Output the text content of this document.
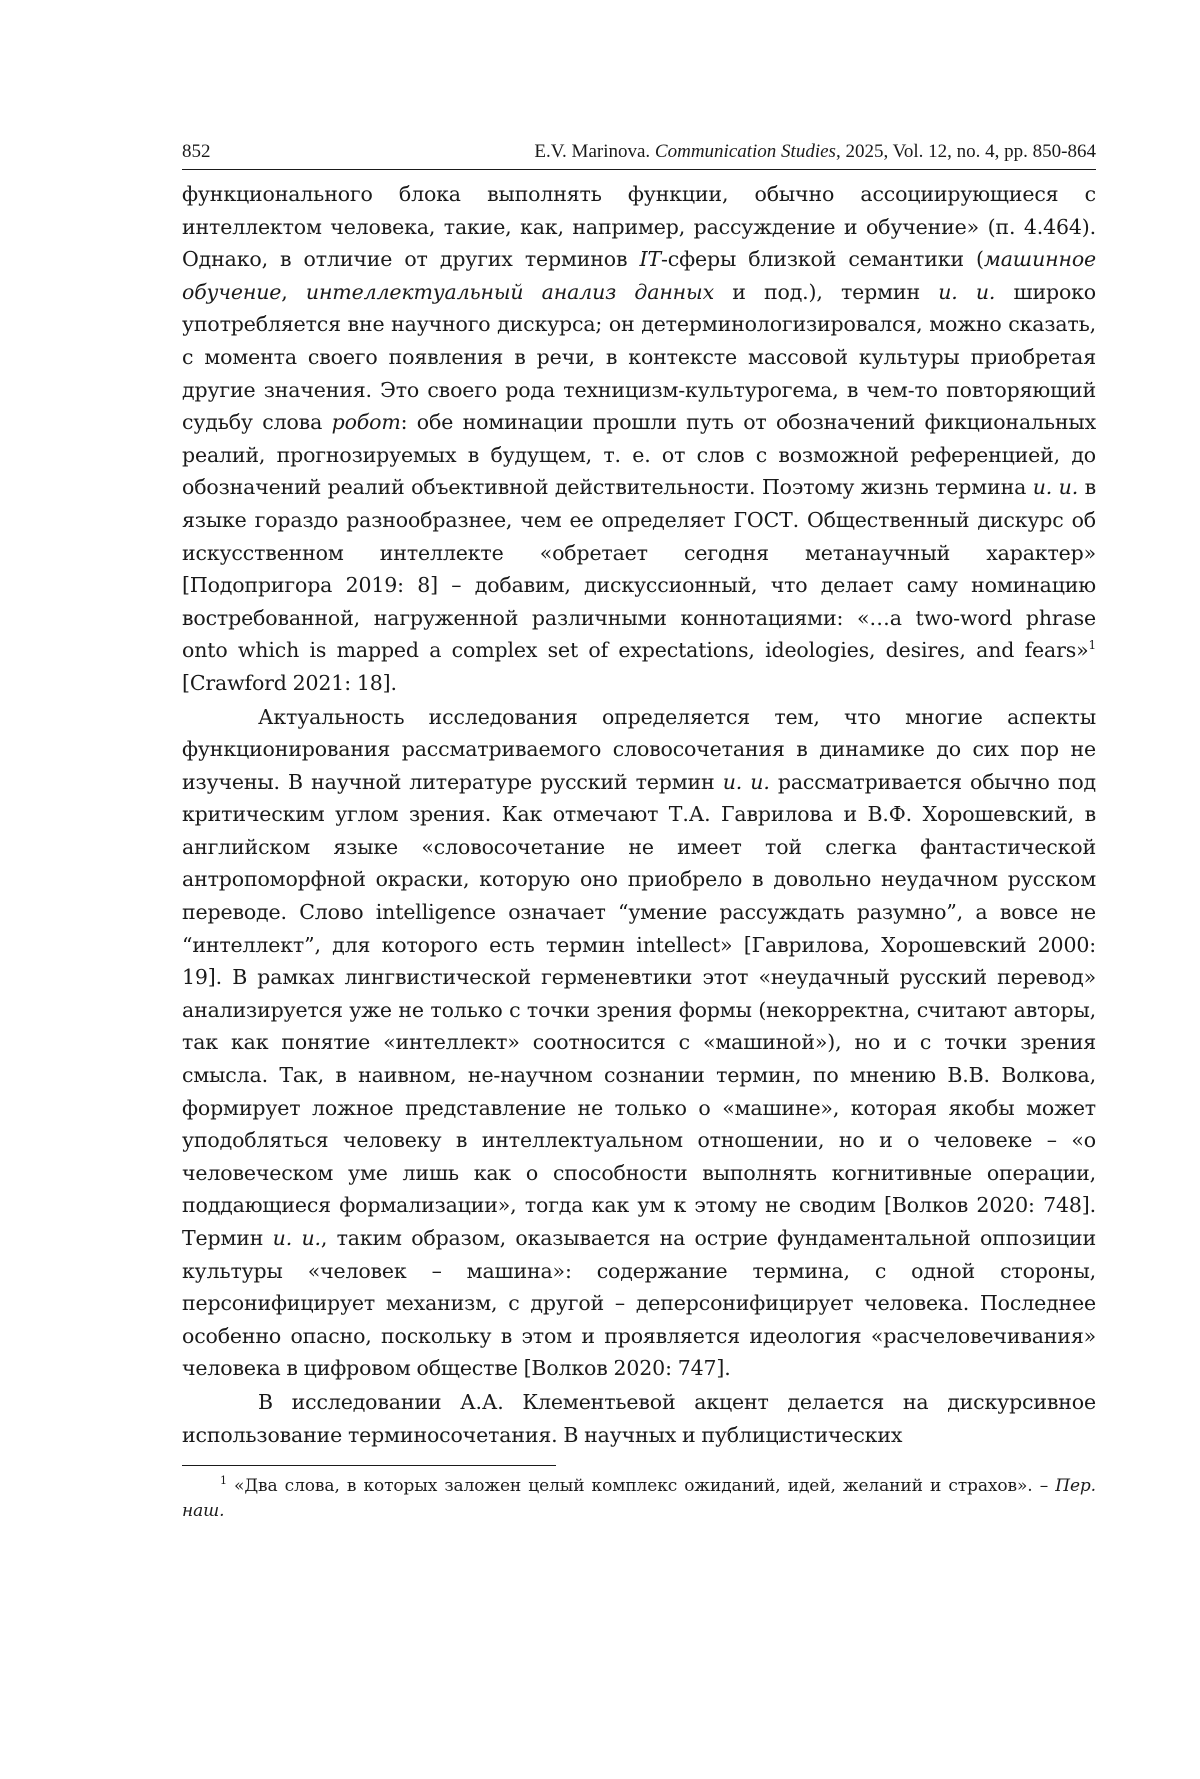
852	E.V. Marinova. Communication Studies, 2025, Vol. 12, no. 4, pp. 850-864

функционального блока выполнять функции, обычно ассоциирующиеся с интеллектом человека, такие, как, например, рассуждение и обучение» (п. 4.464). Однако, в отличие от других терминов IT-сферы близкой семантики (машинное обучение, интеллектуальный анализ данных и под.), термин и. и. широко употребляется вне научного дискурса; он детерминологизировался, можно сказать, с момента своего появления в речи, в контексте массовой культуры приобретая другие значения. Это своего рода техницизм-культурогема, в чем-то повторяющий судьбу слова робот: обе номинации прошли путь от обозначений фикциональных реалий, прогнозируемых в будущем, т. е. от слов с возможной референцией, до обозначений реалий объективной действительности. Поэтому жизнь термина и. и. в языке гораздо разнообразнее, чем ее определяет ГОСТ. Общественный дискурс об искусственном интеллекте «обретает сегодня метанаучный характер» [Подопригора 2019: 8] – добавим, дискуссионный, что делает саму номинацию востребованной, нагруженной различными коннотациями: «…a two-word phrase onto which is mapped a complex set of expectations, ideologies, desires, and fears»$^1$ [Crawford 2021: 18].

Актуальность исследования определяется тем, что многие аспекты функционирования рассматриваемого словосочетания в динамике до сих пор не изучены. В научной литературе русский термин и. и. рассматривается обычно под критическим углом зрения. Как отмечают Т.А. Гаврилова и В.Ф. Хорошевский, в английском языке «словосочетание не имеет той слегка фантастической антропоморфной окраски, которую оно приобрело в довольно неудачном русском переводе. Слово intelligence означает “умение рассуждать разумно”, а вовсе не “интеллект”, для которого есть термин intellect» [Гаврилова, Хорошевский 2000: 19]. В рамках лингвистической герменевтики этот «неудачный русский перевод» анализируется уже не только с точки зрения формы (некорректна, считают авторы, так как понятие «интеллект» соотносится с «машиной»), но и с точки зрения смысла. Так, в наивном, не-научном сознании термин, по мнению В.В. Волкова, формирует ложное представление не только о «машине», которая якобы может уподобляться человеку в интеллектуальном отношении, но и о человеке – «о человеческом уме лишь как о способности выполнять когнитивные операции, поддающиеся формализации», тогда как ум к этому не сводим [Волков 2020: 748]. Термин и. и., таким образом, оказывается на острие фундаментальной оппозиции культуры «человек – машина»: содержание термина, с одной стороны, персонифицирует механизм, с другой – деперсонифицирует человека. Последнее особенно опасно, поскольку в этом и проявляется идеология «расчеловечивания» человека в цифровом обществе [Волков 2020: 747].

В исследовании А.А. Клементьевой акцент делается на дискурсивное использование терминосочетания. В научных и публицистических

$^1$ «Два слова, в которых заложен целый комплекс ожиданий, идей, желаний и страхов». – Пер. наш.
